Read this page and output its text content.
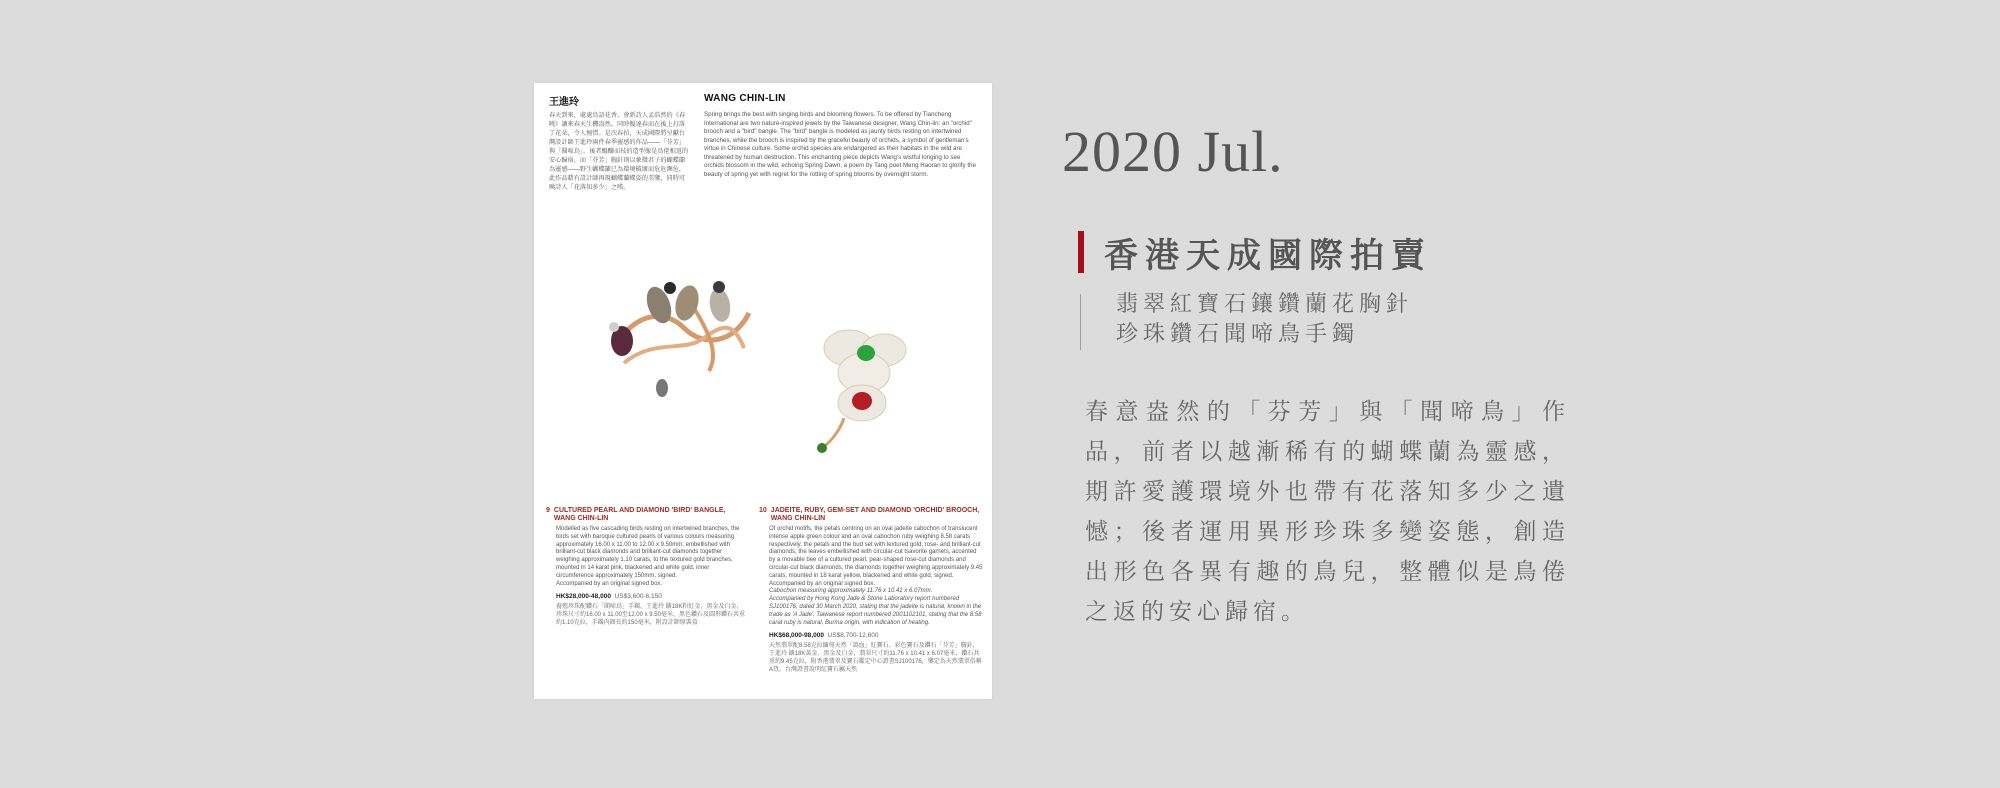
王進玲	WANG CHIN-LIN
春天到來，處處鳥語花香。會新詩人孟浩然的《春曉》讓來春天生機盎然。同時擬達春而在後上打落了花朵，令人惋惜。是次春拍，天成國際將呈獻台灣設計師王進玲兩件春季靈感的作品——「芬芳」與「聞啼鳥」。後者醞釀而枝的造型像是鳥佬相返的安心歸宿，而「芬芳」胸針則以象徵君子的蝴蝶蘭為靈感——野生蝴蝶蘭已為環境破壞而危危瀕危，此作品藉有設計師再現蝴蝶蘭蝶姿的美鑒，同時可喚詩人「花落知多少」之嘆。
Spring brings the best with singing birds and blooming flowers. To be offered by Tiancheng International are two nature-inspired jewels by the Taiwanese designer, Wang Chin-lin: an "orchid" brooch and a "bird" bangle. The "bird" bangle is modeled as jaunty birds resting on intertwined branches, while the brooch is inspired by the graceful beauty of orchids, a symbol of gentleman's virtue in Chinese culture. Some orchid species are endangered as their habitats in the wild are threatened by human destruction. This enchanting piece depicts Wang's wistful longing to see orchids blossom in the wild, echoing Spring Dawn, a poem by Tang poet Meng Haoran to glorify the beauty of spring yet with regret for the rotting of spring blooms by overnight storm.
9 CULTURED PEARL AND DIAMOND 'BIRD' BANGLE, WANG CHIN-LIN
Modelled as five cascading birds resting on intertwined branches, the birds set with baroque cultured pearls of various colours measuring approximately 16.00 x 11.00 to 12.00 x 9.50mm, embellished with brilliant-cut black diamonds and brilliant-cut diamonds together weighing approximately 1.10 carats, to the textured gold branches, mounted in 14 karat pink, blackened and white gold, inner circumference approximately 150mm, signed.
Accompanied by an original signed box.
HK$28,000-48,000 US$3,600-6,150
養殖珍珠配鑽石「聞啼鳥」手鐲，王進玲 鑲18K粉紅金、黑金及白金，珍珠尺寸約16.00 x 11.00至12.00 x 9.50毫米，黑色鑽石及圓形鑽石共重約1.10克拉，手鐲內圈長約150毫米，附設計師原裝盒
10 JADEITE, RUBY, GEM-SET AND DIAMOND 'ORCHID' BROOCH, WANG CHIN-LIN
Of orchid motifs, the petals centring on an oval jadeite cabochon of translucent intense apple green colour and an oval cabochon ruby weighing 8.58 carats respectively, the petals and the bud set with textured gold, rose- and brilliant-cut diamonds, the leaves embellished with circular-cut tsavorite garnets, accented by a movable bee of a cultured pearl, pear-shaped rose-cut diamonds and circular-cut black diamonds, the diamonds together weighing approximately 9.45 carats, mounted in 18 karat yellow, blackened and white gold, signed.
Accompanied by an original signed box.
Cabochon measuring approximately 11.76 x 10.41 x 6.07mm.
Accompanied by Hong Kong Jade & Stone Laboratory report numbered SJ100176, dated 30 March 2020, stating that the jadeite is natural, known in the trade as 'A Jade'. Taiwanese report numbered 2001102101, stating that the 8.58 carat ruby is natural, Burma origin, with indication of heating.
HK$68,000-98,000 US$8,700-12,600
天然翡翠配8.58克拉緬甸天然「鴿血」紅寶石、彩色寶石及鑽石「芬芳」胸針，王進玲 鑲18K黃金、黑金及白金，翡翠尺寸約11.76 x 10.41 x 6.07毫米，鑽石共重約9.45克拉，附香港翡翠及寶石鑑定中心證書SJ100176，鑒定為天然翡翠俗稱A貨，台灣證書說明紅寶石屬天然
2020 Jul.
香港天成國際拍賣
翡翠紅寶石鑲鑽蘭花胸針
珍珠鑽石聞啼鳥手鐲
春意盎然的「芬芳」與「聞啼鳥」作品，前者以越漸稀有的蝴蝶蘭為靈感，期許愛護環境外也帶有花落知多少之遺憾；後者運用異形珍珠多變姿態，創造出形色各異有趣的鳥兒，整體似是鳥倦之返的安心歸宿。
